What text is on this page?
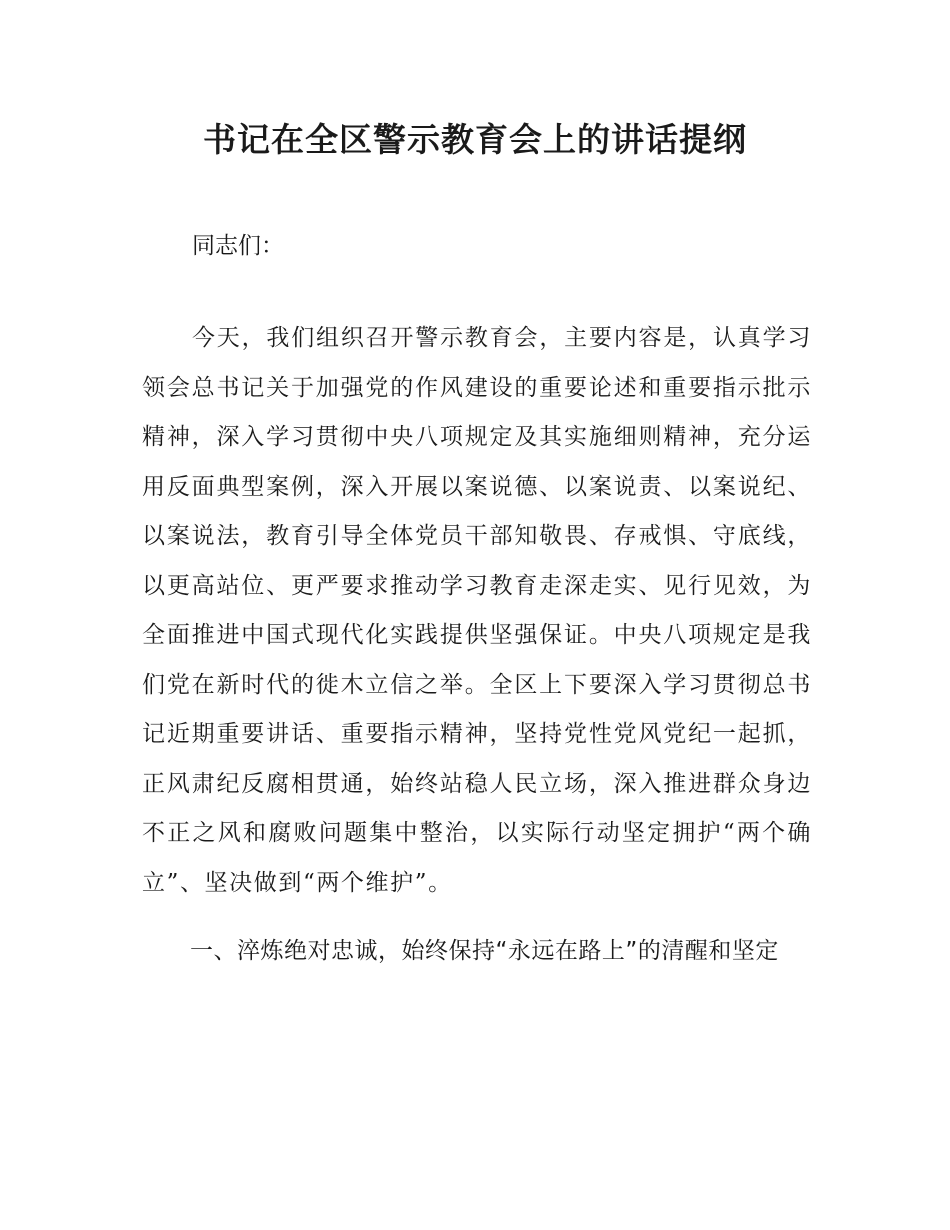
书记在全区警示教育会上的讲话提纲

同志们：

今天，我们组织召开警示教育会，主要内容是，认真学习领会总书记关于加强党的作风建设的重要论述和重要指示批示精神，深入学习贯彻中央八项规定及其实施细则精神，充分运用反面典型案例，深入开展以案说德、以案说责、以案说纪、以案说法，教育引导全体党员干部知敬畏、存戒惧、守底线，以更高站位、更严要求推动学习教育走深走实、见行见效，为全面推进中国式现代化实践提供坚强保证。中央八项规定是我们党在新时代的徙木立信之举。全区上下要深入学习贯彻总书记近期重要讲话、重要指示精神，坚持党性党风党纪一起抓，正风肃纪反腐相贯通，始终站稳人民立场，深入推进群众身边不正之风和腐败问题集中整治，以实际行动坚定拥护“两个确立”、坚决做到“两个维护”。

一、淬炼绝对忠诚，始终保持“永远在路上”的清醒和坚定
